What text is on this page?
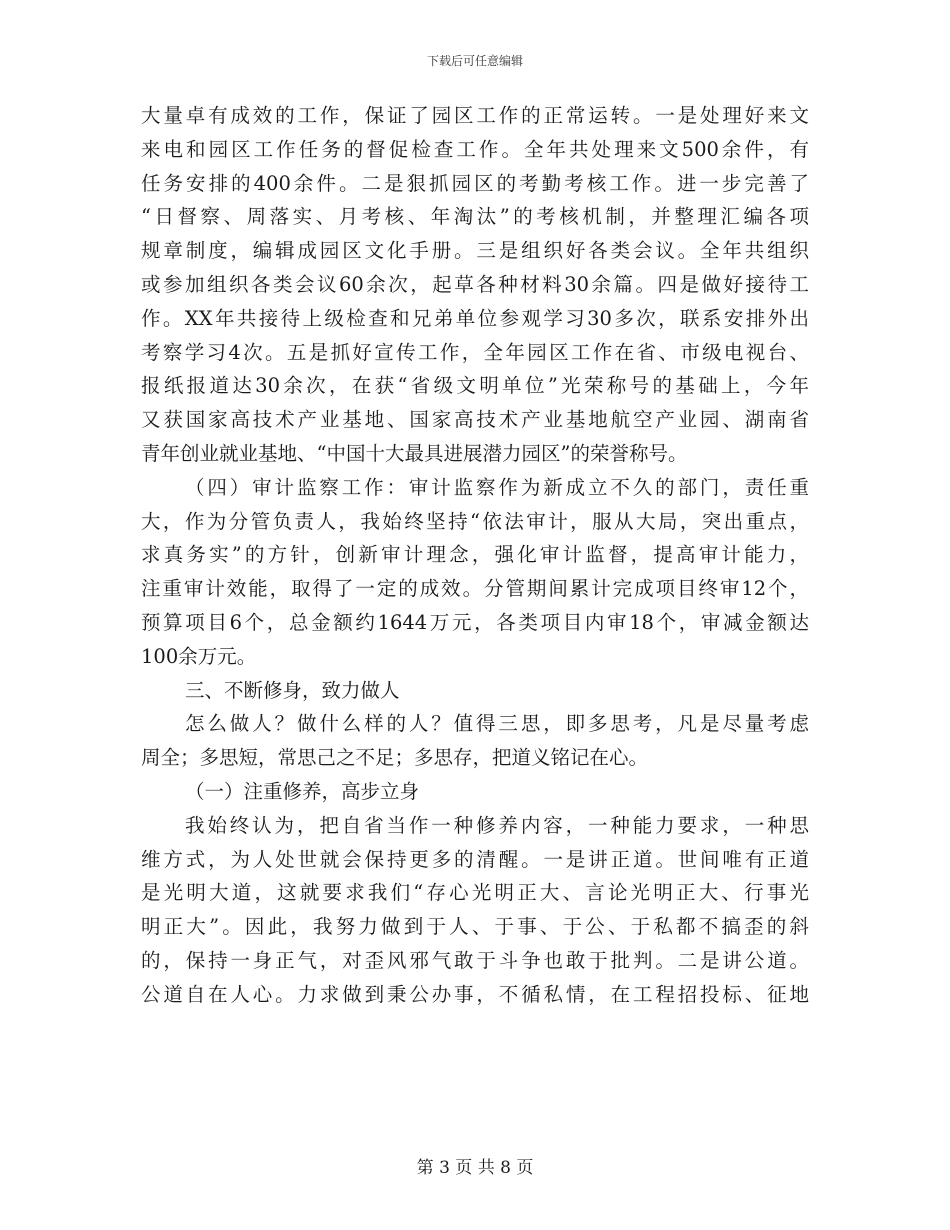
下载后可任意编辑
大量卓有成效的工作，保证了园区工作的正常运转。一是处理好来文
来电和园区工作任务的督促检查工作。全年共处理来文500余件，有
任务安排的400余件。二是狠抓园区的考勤考核工作。进一步完善了
“日督察、周落实、月考核、年淘汰”的考核机制，并整理汇编各项
规章制度，编辑成园区文化手册。三是组织好各类会议。全年共组织
或参加组织各类会议60余次，起草各种材料30余篇。四是做好接待工
作。XX年共接待上级检查和兄弟单位参观学习30多次，联系安排外出
考察学习4次。五是抓好宣传工作，全年园区工作在省、市级电视台、
报纸报道达30余次，在获“省级文明单位”光荣称号的基础上，今年
又获国家高技术产业基地、国家高技术产业基地航空产业园、湖南省
青年创业就业基地、“中国十大最具进展潜力园区”的荣誉称号。
（四）审计监察工作：审计监察作为新成立不久的部门，责任重
大，作为分管负责人，我始终坚持“依法审计，服从大局，突出重点，
求真务实”的方针，创新审计理念，强化审计监督，提高审计能力，
注重审计效能，取得了一定的成效。分管期间累计完成项目终审12个，
预算项目6个，总金额约1644万元，各类项目内审18个，审减金额达
100余万元。
三、不断修身，致力做人
怎么做人？做什么样的人？值得三思，即多思考，凡是尽量考虑
周全；多思短，常思己之不足；多思存，把道义铭记在心。
（一）注重修养，高步立身
我始终认为，把自省当作一种修养内容，一种能力要求，一种思
维方式，为人处世就会保持更多的清醒。一是讲正道。世间唯有正道
是光明大道，这就要求我们“存心光明正大、言论光明正大、行事光
明正大”。因此，我努力做到于人、于事、于公、于私都不搞歪的斜
的，保持一身正气，对歪风邪气敢于斗争也敢于批判。二是讲公道。
公道自在人心。力求做到秉公办事，不循私情，在工程招投标、征地
第 3 页 共 8 页
